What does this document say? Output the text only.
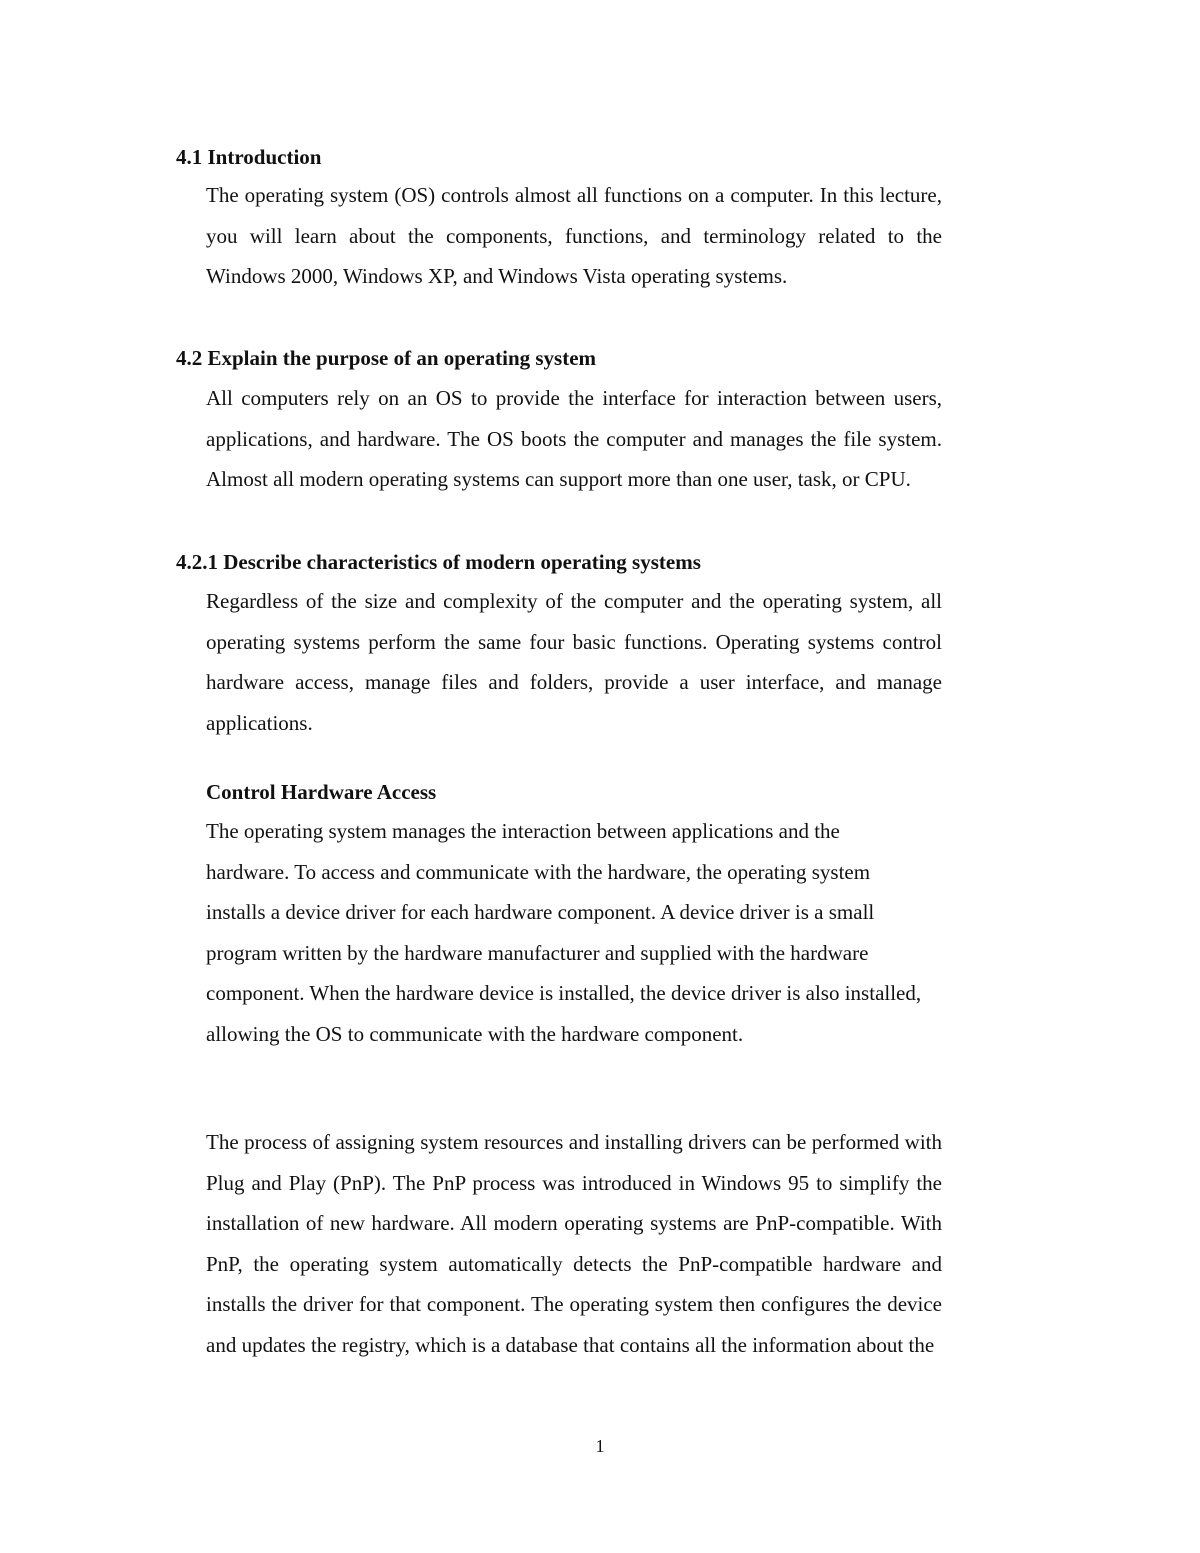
4.1 Introduction

The operating system (OS) controls almost all functions on a computer. In this lecture, you will learn about the components, functions, and terminology related to the Windows 2000, Windows XP, and Windows Vista operating systems.

4.2 Explain the purpose of an operating system

All computers rely on an OS to provide the interface for interaction between users, applications, and hardware. The OS boots the computer and manages the file system. Almost all modern operating systems can support more than one user, task, or CPU.

4.2.1 Describe characteristics of modern operating systems

Regardless of the size and complexity of the computer and the operating system, all operating systems perform the same four basic functions. Operating systems control hardware access, manage files and folders, provide a user interface, and manage applications.

Control Hardware Access

The operating system manages the interaction between applications and the hardware. To access and communicate with the hardware, the operating system installs a device driver for each hardware component. A device driver is a small program written by the hardware manufacturer and supplied with the hardware component. When the hardware device is installed, the device driver is also installed, allowing the OS to communicate with the hardware component.

The process of assigning system resources and installing drivers can be performed with Plug and Play (PnP). The PnP process was introduced in Windows 95 to simplify the installation of new hardware. All modern operating systems are PnP-compatible. With PnP, the operating system automatically detects the PnP-compatible hardware and installs the driver for that component. The operating system then configures the device and updates the registry, which is a database that contains all the information about the

1
